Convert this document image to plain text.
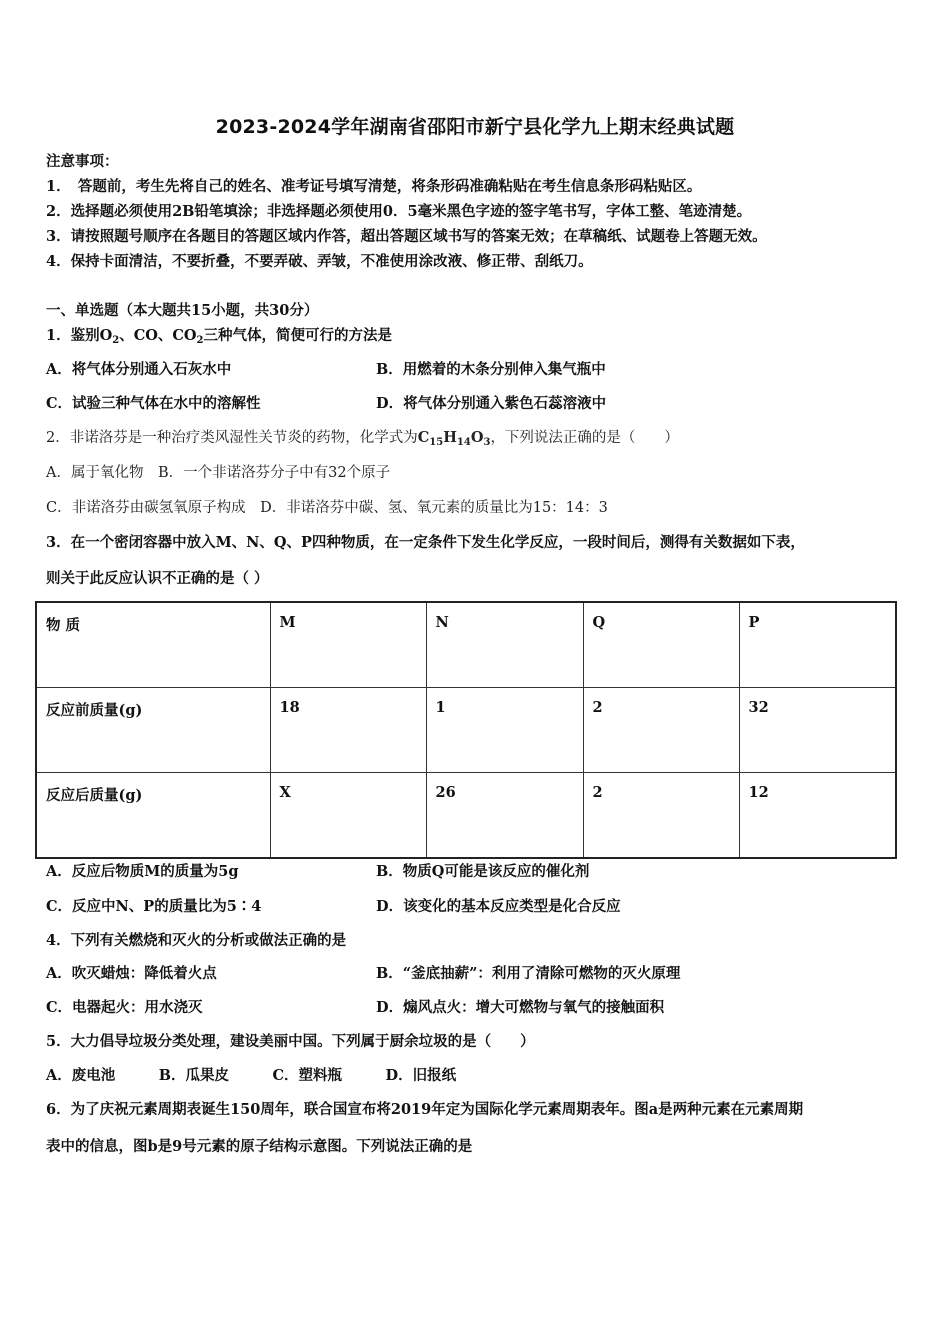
2023-2024学年湖南省邵阳市新宁县化学九上期末经典试题
注意事项：
1．　答题前，考生先将自己的姓名、准考证号填写清楚，将条形码准确粘贴在考生信息条形码粘贴区。
2．选择题必须使用2B铅笔填涂；非选择题必须使用0．5毫米黑色字迹的签字笔书写，字体工整、笔迹清楚。
3．请按照题号顺序在各题目的答题区域内作答，超出答题区域书写的答案无效；在草稿纸、试题卷上答题无效。
4．保持卡面清洁，不要折叠，不要弄破、弄皱，不准使用涂改液、修正带、刮纸刀。
一、单选题（本大题共15小题，共30分）
1．鉴别$O_2$、CO、$CO_2$三种气体，简便可行的方法是
A．将气体分别通入石灰水中	B．用燃着的木条分别伸入集气瓶中
C．试验三种气体在水中的溶解性	D．将气体分别通入紫色石蕊溶液中
2．非诺洛芬是一种治疗类风湿性关节炎的药物，化学式为$C_{15}H_{14}O_3$，下列说法正确的是（　　）
A．属于氧化物　B．一个非诺洛芬分子中有32个原子
C．非诺洛芬由碳氢氧原子构成　D．非诺洛芬中碳、氢、氧元素的质量比为15：14：3
3．在一个密闭容器中放入M、N、Q、P四种物质，在一定条件下发生化学反应，一段时间后，测得有关数据如下表，
则关于此反应认识不正确的是（ ）
物 质	M	N	Q	P
反应前质量(g)	18	1	2	32
反应后质量(g)	X	26	2	12
A．反应后物质M的质量为5g	B．物质Q可能是该反应的催化剂
C．反应中N、P的质量比为5∶4	D．该变化的基本反应类型是化合反应
4．下列有关燃烧和灭火的分析或做法正确的是
A．吹灭蜡烛：降低着火点	B．“釜底抽薪”：利用了清除可燃物的灭火原理
C．电器起火：用水浇灭	D．煽风点火：增大可燃物与氧气的接触面积
5．大力倡导垃圾分类处理，建设美丽中国。下列属于厨余垃圾的是（　　）
A．废电池　　　B．瓜果皮　　　C．塑料瓶　　　D．旧报纸
6．为了庆祝元素周期表诞生150周年，联合国宣布将2019年定为国际化学元素周期表年。图a是两种元素在元素周期
表中的信息，图b是9号元素的原子结构示意图。下列说法正确的是
